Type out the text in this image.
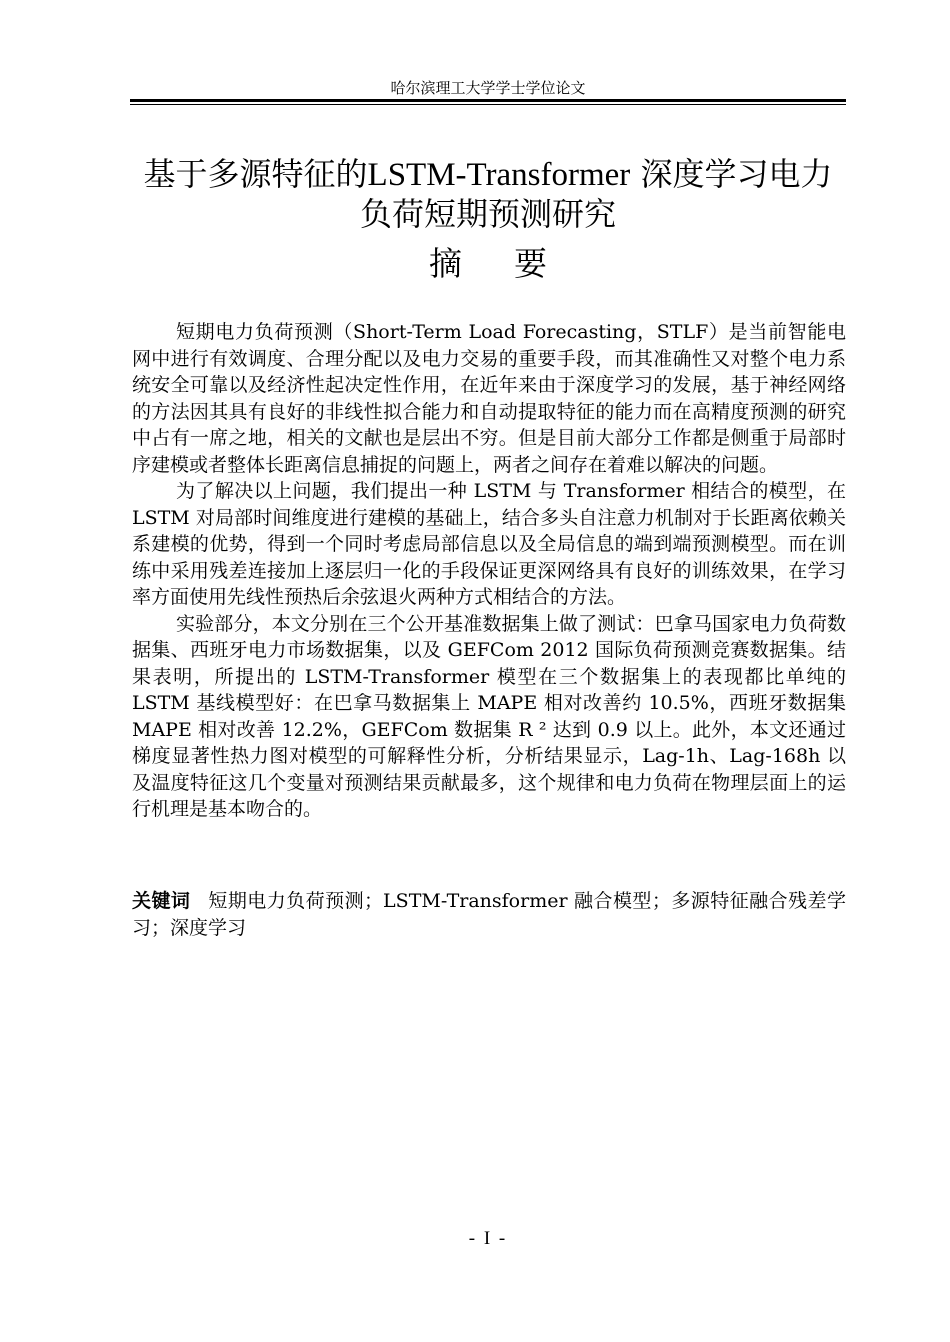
哈尔滨理工大学学士学位论文
基于多源特征的LSTM-Transformer 深度学习电力
负荷短期预测研究
摘要

短期电力负荷预测（Short-Term Load Forecasting，STLF）是当前智能电网中进行有效调度、合理分配以及电力交易的重要手段，而其准确性又对整个电力系统安全可靠以及经济性起决定性作用，在近年来由于深度学习的发展，基于神经网络的方法因其具有良好的非线性拟合能力和自动提取特征的能力而在高精度预测的研究中占有一席之地，相关的文献也是层出不穷。但是目前大部分工作都是侧重于局部时序建模或者整体长距离信息捕捉的问题上，两者之间存在着难以解决的问题。

为了解决以上问题，我们提出一种 LSTM 与 Transformer 相结合的模型，在 LSTM 对局部时间维度进行建模的基础上，结合多头自注意力机制对于长距离依赖关系建模的优势，得到一个同时考虑局部信息以及全局信息的端到端预测模型。而在训练中采用残差连接加上逐层归一化的手段保证更深网络具有良好的训练效果，在学习率方面使用先线性预热后余弦退火两种方式相结合的方法。

实验部分，本文分别在三个公开基准数据集上做了测试：巴拿马国家电力负荷数据集、西班牙电力市场数据集，以及 GEFCom 2012 国际负荷预测竞赛数据集。结果表明，所提出的 LSTM-Transformer 模型在三个数据集上的表现都比单纯的 LSTM 基线模型好：在巴拿马数据集上 MAPE 相对改善约 10.5%，西班牙数据集 MAPE 相对改善 12.2%，GEFCom 数据集 R ² 达到 0.9 以上。此外，本文还通过梯度显著性热力图对模型的可解释性分析，分析结果显示，Lag-1h、Lag-168h 以及温度特征这几个变量对预测结果贡献最多，这个规律和电力负荷在物理层面上的运行机理是基本吻合的。

关键词 短期电力负荷预测；LSTM-Transformer 融合模型；多源特征融合残差学习；深度学习
- I -
